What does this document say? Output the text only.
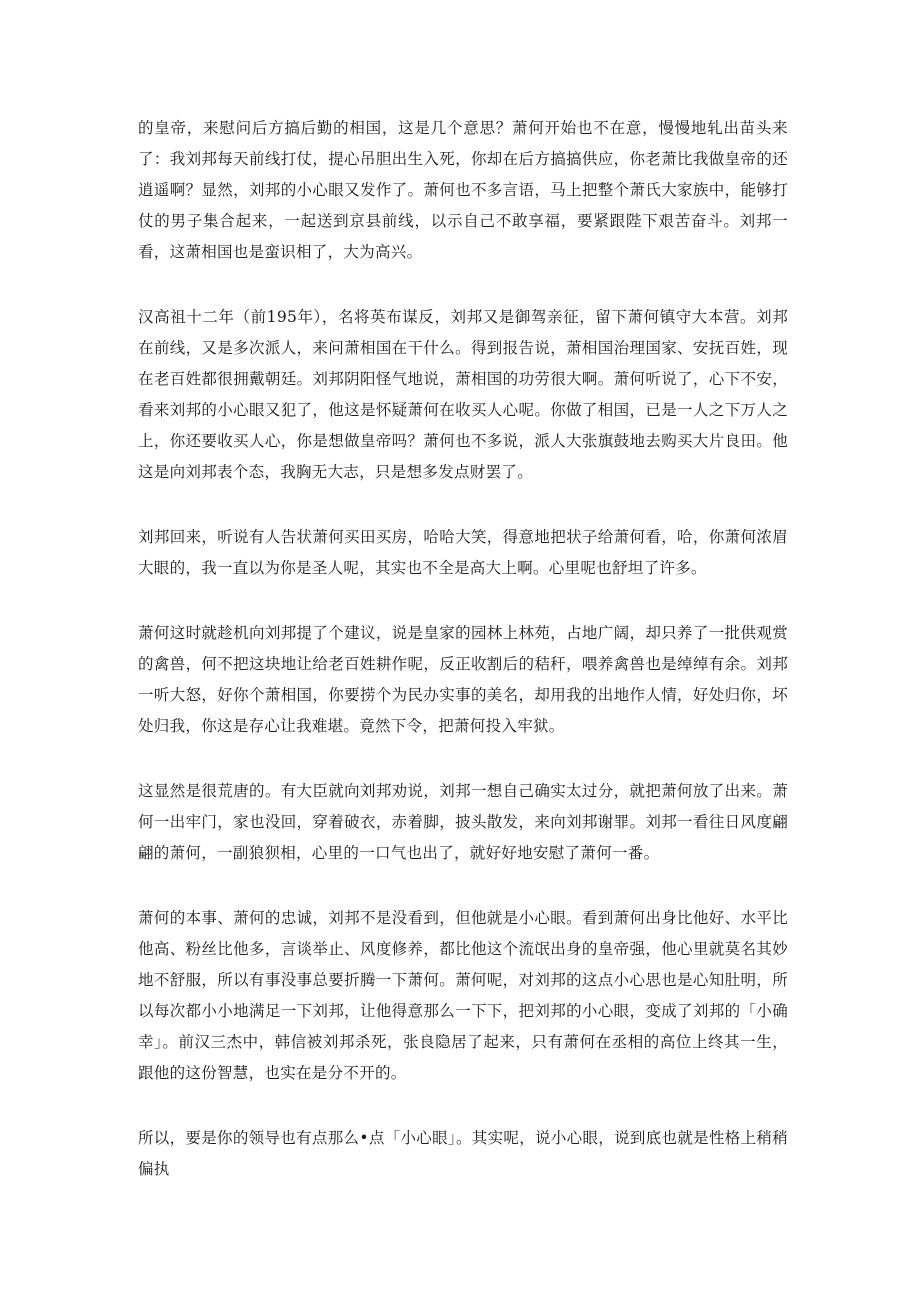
的皇帝，来慰问后方搞后勤的相国，这是几个意思？萧何开始也不在意，慢慢地轧出苗头来了：我刘邦每天前线打仗，提心吊胆出生入死，你却在后方搞搞供应，你老萧比我做皇帝的还逍遥啊？显然，刘邦的小心眼又发作了。萧何也不多言语，马上把整个萧氏大家族中，能够打仗的男子集合起来，一起送到京县前线，以示自己不敢享福，要紧跟陛下艰苦奋斗。刘邦一看，这萧相国也是蛮识相了，大为高兴。

汉高祖十二年（前195年），名将英布谋反，刘邦又是御驾亲征，留下萧何镇守大本营。刘邦在前线，又是多次派人，来问萧相国在干什么。得到报告说，萧相国治理国家、安抚百姓，现在老百姓都很拥戴朝廷。刘邦阴阳怪气地说，萧相国的功劳很大啊。萧何听说了，心下不安，看来刘邦的小心眼又犯了，他这是怀疑萧何在收买人心呢。你做了相国，已是一人之下万人之上，你还要收买人心，你是想做皇帝吗？萧何也不多说，派人大张旗鼓地去购买大片良田。他这是向刘邦表个态，我胸无大志，只是想多发点财罢了。

刘邦回来，听说有人告状萧何买田买房，哈哈大笑，得意地把状子给萧何看，哈，你萧何浓眉大眼的，我一直以为你是圣人呢，其实也不全是高大上啊。心里呢也舒坦了许多。

萧何这时就趁机向刘邦提了个建议，说是皇家的园林上林苑，占地广阔，却只养了一批供观赏的禽兽，何不把这块地让给老百姓耕作呢，反正收割后的秸秆，喂养禽兽也是绰绰有余。刘邦一听大怒，好你个萧相国，你要捞个为民办实事的美名，却用我的出地作人情，好处归你，坏处归我，你这是存心让我难堪。竟然下令，把萧何投入牢狱。

这显然是很荒唐的。有大臣就向刘邦劝说，刘邦一想自己确实太过分，就把萧何放了出来。萧何一出牢门，家也没回，穿着破衣，赤着脚，披头散发，来向刘邦谢罪。刘邦一看往日风度翩翩的萧何，一副狼狈相，心里的一口气也出了，就好好地安慰了萧何一番。

萧何的本事、萧何的忠诚，刘邦不是没看到，但他就是小心眼。看到萧何出身比他好、水平比他高、粉丝比他多，言谈举止、风度修养，都比他这个流氓出身的皇帝强，他心里就莫名其妙地不舒服，所以有事没事总要折腾一下萧何。萧何呢，对刘邦的这点小心思也是心知肚明，所以每次都小小地满足一下刘邦，让他得意那么一下下，把刘邦的小心眼，变成了刘邦的「小确幸」。前汉三杰中，韩信被刘邦杀死，张良隐居了起来，只有萧何在丞相的高位上终其一生，跟他的这份智慧，也实在是分不开的。

所以，要是你的领导也有点那么•点「小心眼」。其实呢，说小心眼，说到底也就是性格上稍稍偏执
